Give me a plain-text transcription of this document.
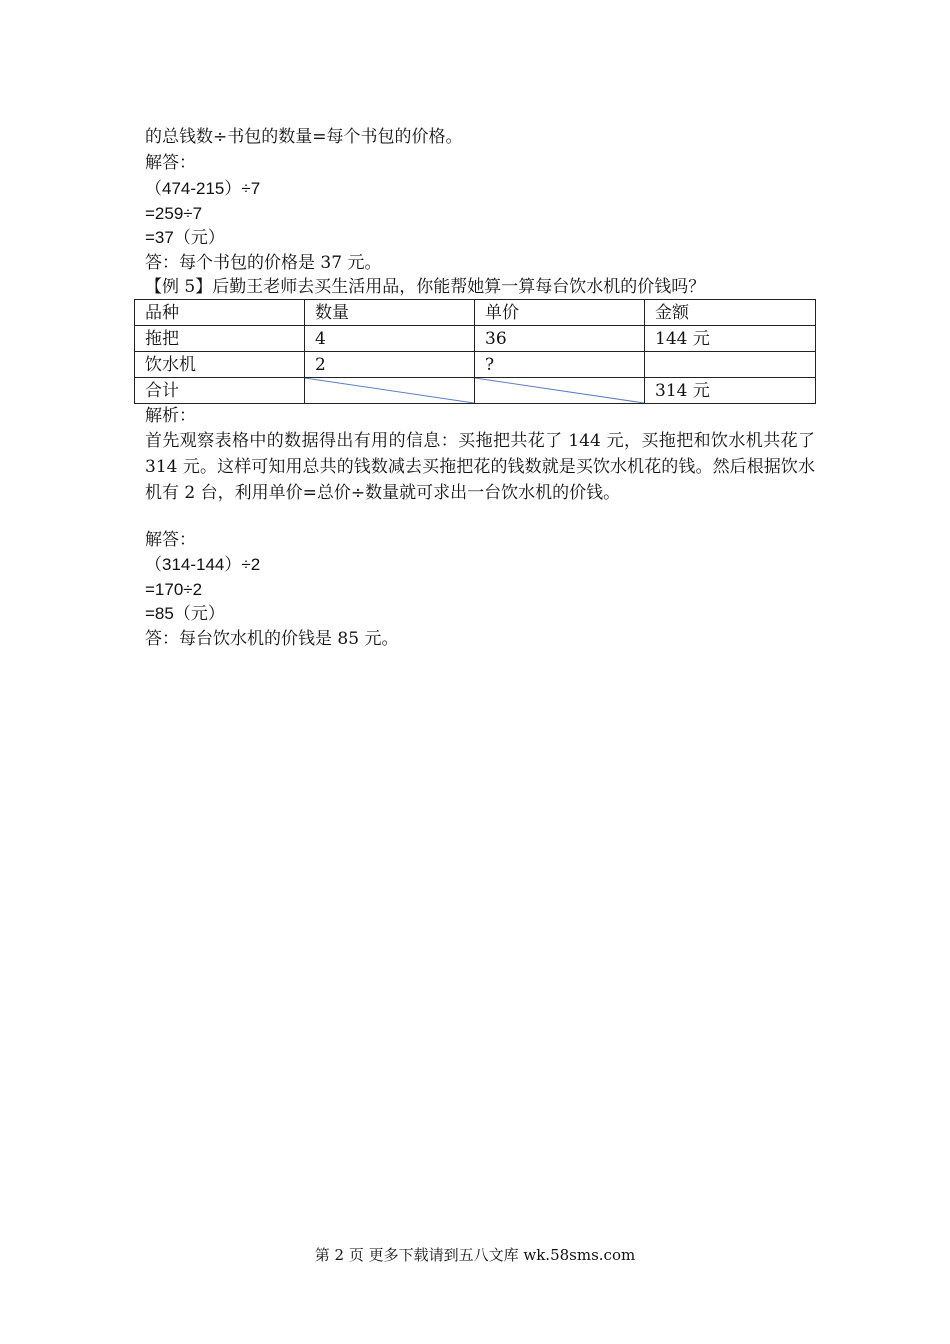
的总钱数÷书包的数量=每个书包的价格。
解答：
（474-215）÷7
=259÷7
=37（元）
答：每个书包的价格是 37 元。
【例 5】后勤王老师去买生活用品，你能帮她算一算每台饮水机的价钱吗？
品种	数量	单价	金额
拖把	4	36	144 元
饮水机	2	?	
合计			314 元
解析：
首先观察表格中的数据得出有用的信息：买拖把共花了 144 元，买拖把和饮水机共花了 314 元。这样可知用总共的钱数减去买拖把花的钱数就是买饮水机花的钱。然后根据饮水机有 2 台，利用单价=总价÷数量就可求出一台饮水机的价钱。
解答：
（314-144）÷2
=170÷2
=85（元）
答：每台饮水机的价钱是 85 元。
第 2 页 更多下载请到五八文库 wk.58sms.com
